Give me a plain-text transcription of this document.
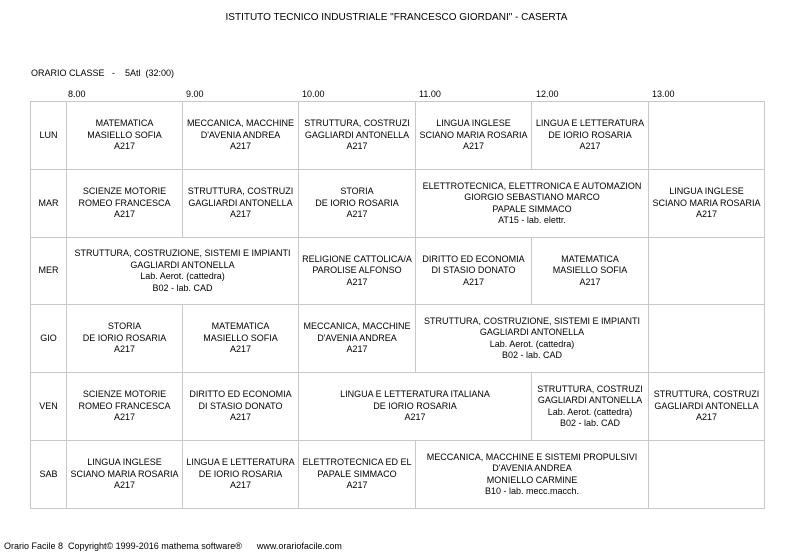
ISTITUTO TECNICO INDUSTRIALE "FRANCESCO GIORDANI" - CASERTA
ORARIO CLASSE   -    5Atl  (32:00)
8.00	9.00	10.00	11.00	12.00	13.00
LUN	MATEMATICA
MASIELLO SOFIA
A217	MECCANICA, MACCHINE
D'AVENIA ANDREA
A217	STRUTTURA, COSTRUZI
GAGLIARDI ANTONELLA
A217	LINGUA INGLESE
SCIANO MARIA ROSARIA
A217	LINGUA E LETTERATURA
DE IORIO ROSARIA
A217	

MAR	SCIENZE MOTORIE
ROMEO FRANCESCA
A217	STRUTTURA, COSTRUZI
GAGLIARDI ANTONELLA
A217	STORIA
DE IORIO ROSARIA
A217	ELETTROTECNICA, ELETTRONICA E AUTOMAZION
GIORGIO SEBASTIANO MARCO
PAPALE SIMMACO
AT15 - lab. elettr.		LINGUA INGLESE
SCIANO MARIA ROSARIA
A217

MER	STRUTTURA, COSTRUZIONE, SISTEMI E IMPIANTI
GAGLIARDI ANTONELLA
Lab. Aerot. (cattedra)
B02 - lab. CAD		RELIGIONE CATTOLICA/A
PAROLISE ALFONSO
A217	DIRITTO ED ECONOMIA
DI STASIO DONATO
A217	MATEMATICA
MASIELLO SOFIA
A217	

GIO	STORIA
DE IORIO ROSARIA
A217	MATEMATICA
MASIELLO SOFIA
A217	MECCANICA, MACCHINE
D'AVENIA ANDREA
A217	STRUTTURA, COSTRUZIONE, SISTEMI E IMPIANTI
GAGLIARDI ANTONELLA
Lab. Aerot. (cattedra)
B02 - lab. CAD		

VEN	SCIENZE MOTORIE
ROMEO FRANCESCA
A217	DIRITTO ED ECONOMIA
DI STASIO DONATO
A217	LINGUA E LETTERATURA ITALIANA
DE IORIO ROSARIA
A217		STRUTTURA, COSTRUZI
GAGLIARDI ANTONELLA
Lab. Aerot. (cattedra)
B02 - lab. CAD	STRUTTURA, COSTRUZI
GAGLIARDI ANTONELLA
A217

SAB	LINGUA INGLESE
SCIANO MARIA ROSARIA
A217	LINGUA E LETTERATURA
DE IORIO ROSARIA
A217	ELETTROTECNICA ED EL
PAPALE SIMMACO
A217	MECCANICA, MACCHINE E SISTEMI PROPULSIVI
D'AVENIA ANDREA
MONIELLO CARMINE
B10 - lab. mecc.macch.		

Orario Facile 8  Copyright© 1999-2016 mathema software®      www.orariofacile.com
